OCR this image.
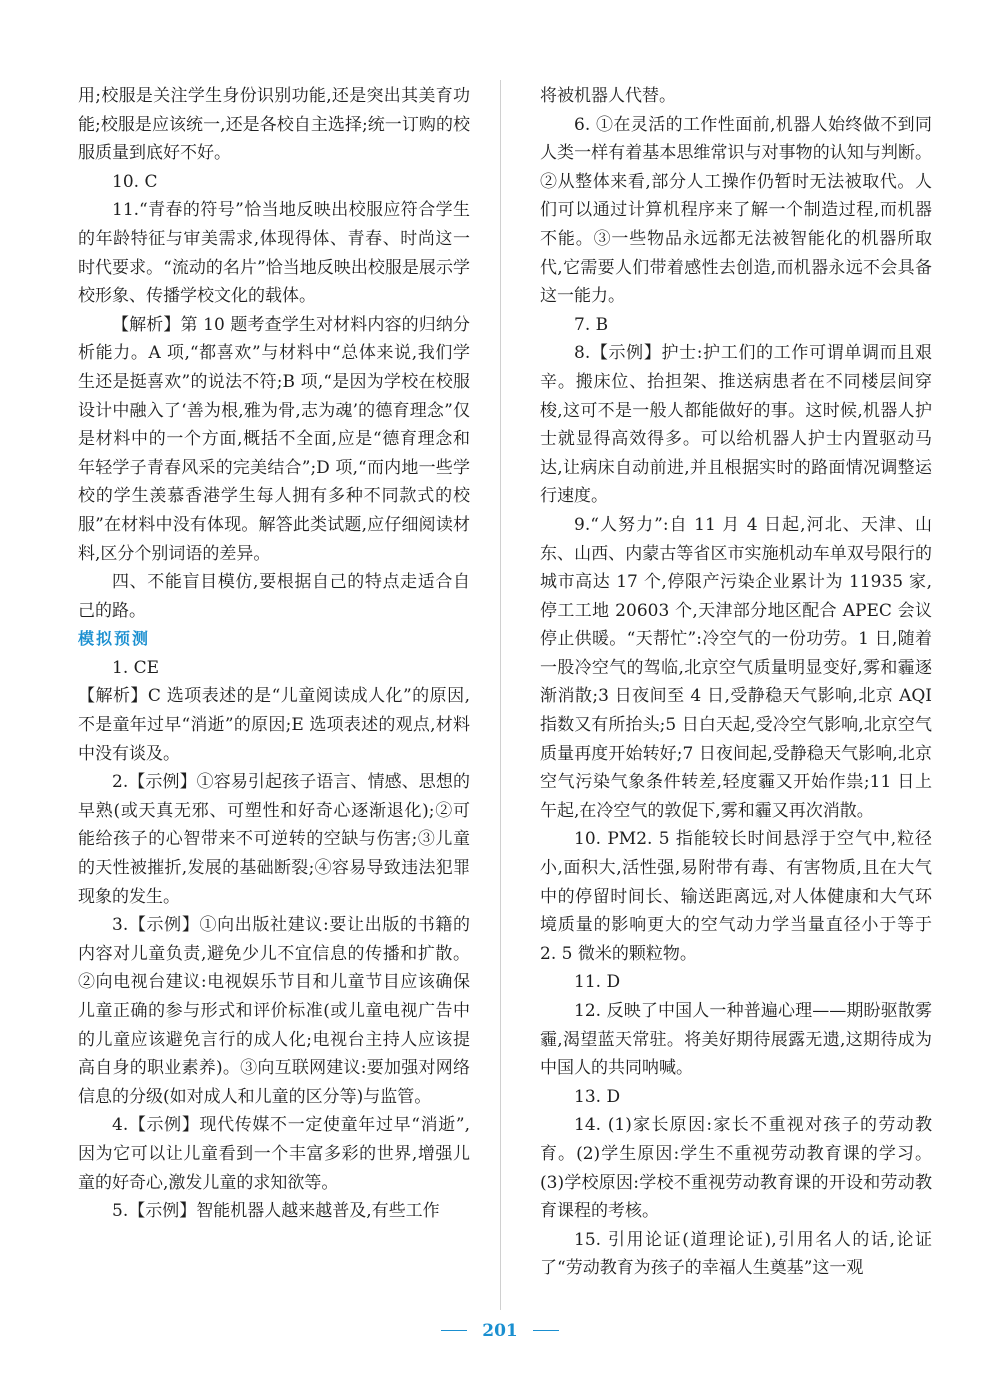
用;校服是关注学生身份识别功能,还是突出其美育功能;校服是应该统一,还是各校自主选择;统一订购的校服质量到底好不好。

10. C

11.“青春的符号”恰当地反映出校服应符合学生的年龄特征与审美需求,体现得体、青春、时尚这一时代要求。“流动的名片”恰当地反映出校服是展示学校形象、传播学校文化的载体。

【解析】第 10 题考查学生对材料内容的归纳分析能力。A 项,“都喜欢”与材料中“总体来说,我们学生还是挺喜欢”的说法不符;B 项,“是因为学校在校服设计中融入了‘善为根,雅为骨,志为魂’的德育理念”仅是材料中的一个方面,概括不全面,应是“德育理念和年轻学子青春风采的完美结合”;D 项,“而内地一些学校的学生羡慕香港学生每人拥有多种不同款式的校服”在材料中没有体现。解答此类试题,应仔细阅读材料,区分个别词语的差异。

四、不能盲目模仿,要根据自己的特点走适合自己的路。

模拟预测

1. CE

【解析】C 选项表述的是“儿童阅读成人化”的原因,不是童年过早“消逝”的原因;E 选项表述的观点,材料中没有谈及。

2.【示例】①容易引起孩子语言、情感、思想的早熟(或天真无邪、可塑性和好奇心逐渐退化);②可能给孩子的心智带来不可逆转的空缺与伤害;③儿童的天性被摧折,发展的基础断裂;④容易导致违法犯罪现象的发生。

3.【示例】①向出版社建议:要让出版的书籍的内容对儿童负责,避免少儿不宜信息的传播和扩散。②向电视台建议:电视娱乐节目和儿童节目应该确保儿童正确的参与形式和评价标准(或儿童电视广告中的儿童应该避免言行的成人化;电视台主持人应该提高自身的职业素养)。③向互联网建议:要加强对网络信息的分级(如对成人和儿童的区分等)与监管。

4.【示例】现代传媒不一定使童年过早“消逝”,因为它可以让儿童看到一个丰富多彩的世界,增强儿童的好奇心,激发儿童的求知欲等。

5.【示例】智能机器人越来越普及,有些工作

将被机器人代替。

6. ①在灵活的工作性面前,机器人始终做不到同人类一样有着基本思维常识与对事物的认知与判断。②从整体来看,部分人工操作仍暂时无法被取代。人们可以通过计算机程序来了解一个制造过程,而机器不能。③一些物品永远都无法被智能化的机器所取代,它需要人们带着感性去创造,而机器永远不会具备这一能力。

7. B

8.【示例】护士:护工们的工作可谓单调而且艰辛。搬床位、抬担架、推送病患者在不同楼层间穿梭,这可不是一般人都能做好的事。这时候,机器人护士就显得高效得多。可以给机器人护士内置驱动马达,让病床自动前进,并且根据实时的路面情况调整运行速度。

9.“人努力”:自 11 月 4 日起,河北、天津、山东、山西、内蒙古等省区市实施机动车单双号限行的城市高达 17 个,停限产污染企业累计为 11935 家,停工工地 20603 个,天津部分地区配合 APEC 会议停止供暖。“天帮忙”:冷空气的一份功劳。1 日,随着一股冷空气的驾临,北京空气质量明显变好,雾和霾逐渐消散;3 日夜间至 4 日,受静稳天气影响,北京 AQI 指数又有所抬头;5 日白天起,受冷空气影响,北京空气质量再度开始转好;7 日夜间起,受静稳天气影响,北京空气污染气象条件转差,轻度霾又开始作祟;11 日上午起,在冷空气的敦促下,雾和霾又再次消散。

10. PM2. 5 指能较长时间悬浮于空气中,粒径小,面积大,活性强,易附带有毒、有害物质,且在大气中的停留时间长、输送距离远,对人体健康和大气环境质量的影响更大的空气动力学当量直径小于等于 2. 5 微米的颗粒物。

11. D

12. 反映了中国人一种普遍心理——期盼驱散雾霾,渴望蓝天常驻。将美好期待展露无遗,这期待成为中国人的共同呐喊。

13. D

14. (1)家长原因:家长不重视对孩子的劳动教育。(2)学生原因:学生不重视劳动教育课的学习。(3)学校原因:学校不重视劳动教育课的开设和劳动教育课程的考核。

15. 引用论证(道理论证),引用名人的话,论证了“劳动教育为孩子的幸福人生奠基”这一观

201
